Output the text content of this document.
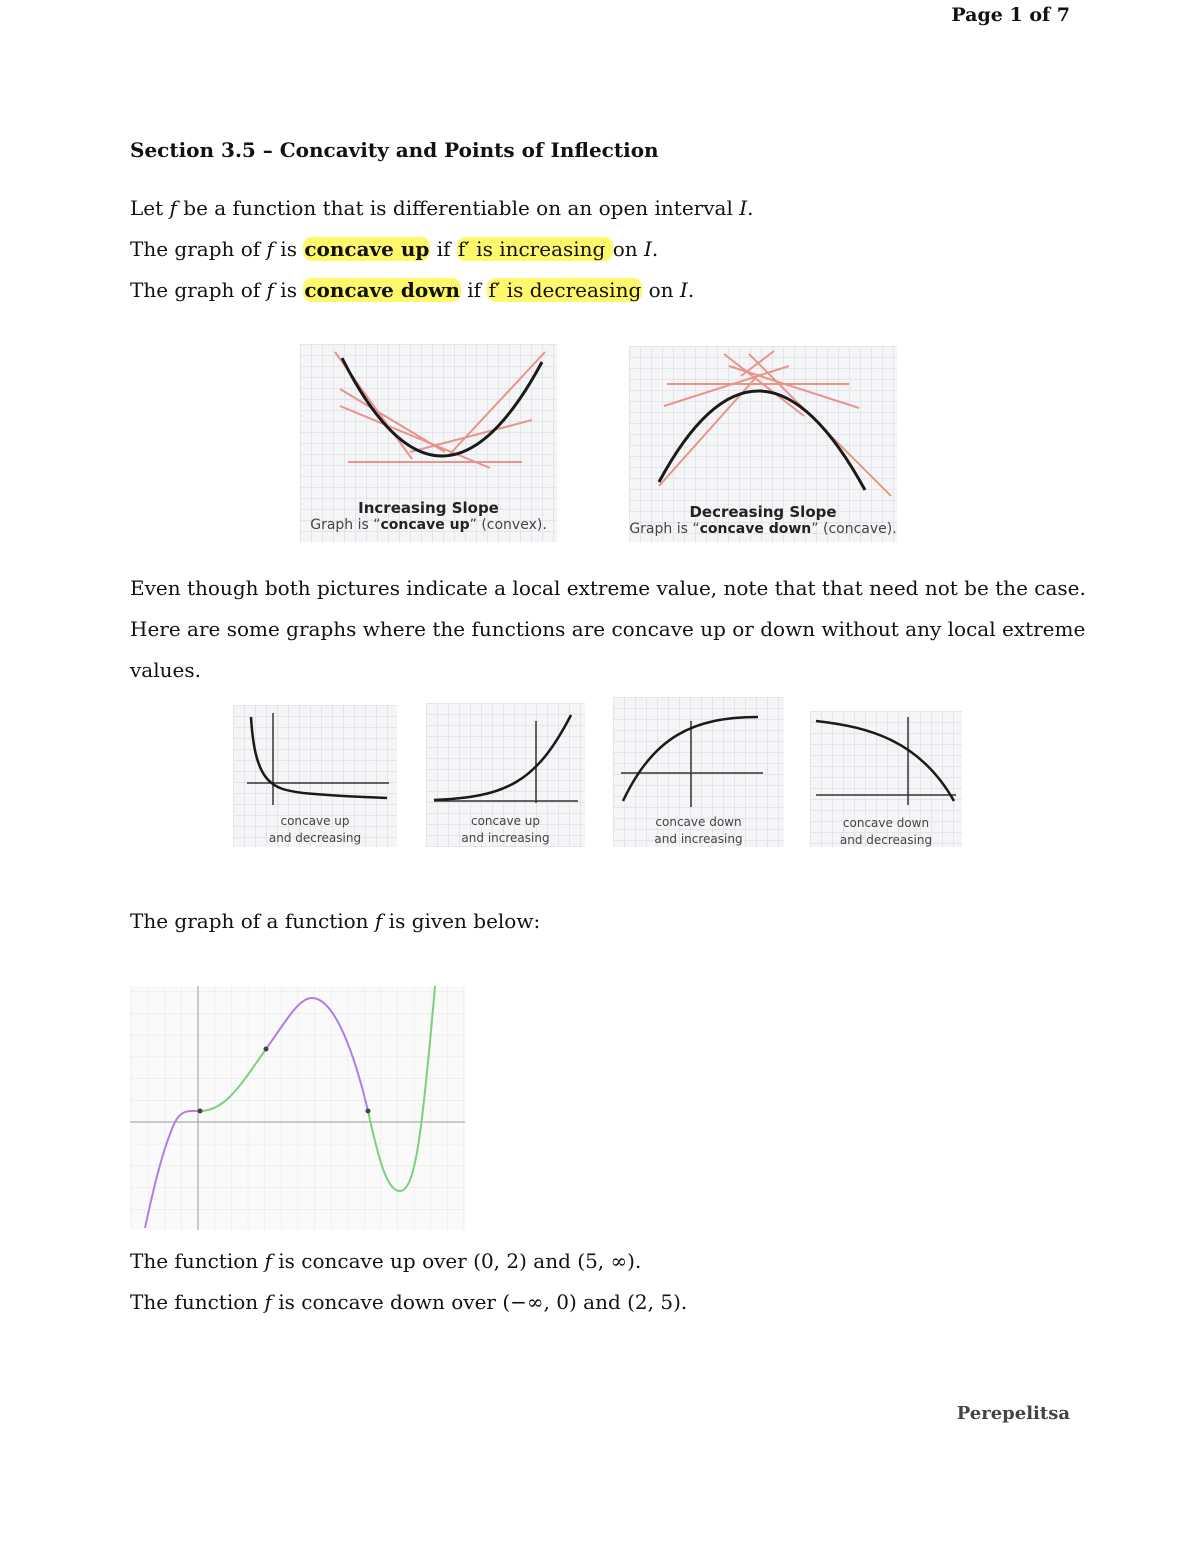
Page 1 of 7
Section 3.5 – Concavity and Points of Inflection
Let f be a function that is differentiable on an open interval I.
The graph of f is concave up if f′ is increasing on I.
The graph of f is concave down if f′ is decreasing on I.
Increasing Slope
Graph is “concave up” (convex).
Decreasing Slope
Graph is “concave down” (concave).
Even though both pictures indicate a local extreme value, note that that need not be the case.
Here are some graphs where the functions are concave up or down without any local extreme
values.
concave up
and decreasing
concave up
and increasing
concave down
and increasing
concave down
and decreasing
The graph of a function f is given below:
The function f is concave up over (0, 2) and (5, ∞).
The function f is concave down over (−∞, 0) and (2, 5).
Perepelitsa
